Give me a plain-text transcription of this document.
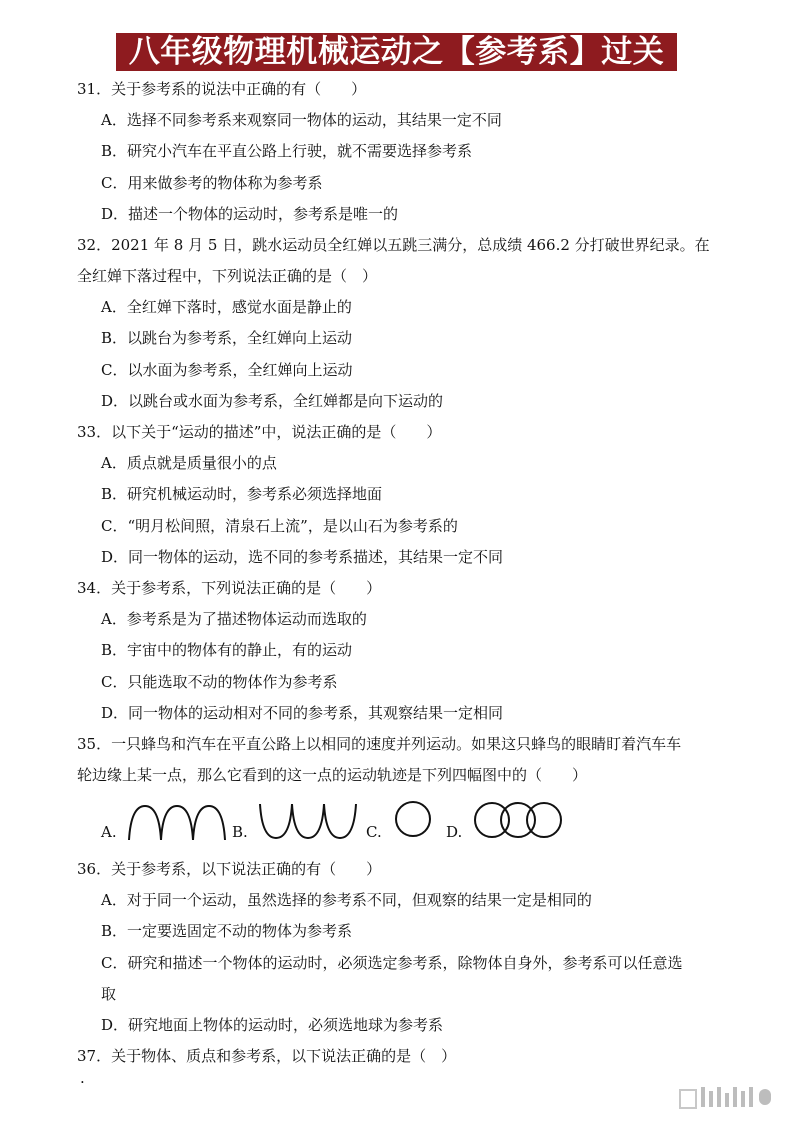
八年级物理机械运动之【参考系】过关专练
31．关于参考系的说法中正确的有（　　）
A．选择不同参考系来观察同一物体的运动，其结果一定不同
B．研究小汽车在平直公路上行驶，就不需要选择参考系
C．用来做参考的物体称为参考系
D．描述一个物体的运动时，参考系是唯一的
32．2021 年 8 月 5 日，跳水运动员全红婵以五跳三满分，总成绩 466.2 分打破世界纪录。在
全红婵下落过程中，下列说法正确的是（　）
A．全红婵下落时，感觉水面是静止的
B．以跳台为参考系，全红婵向上运动
C．以水面为参考系，全红婵向上运动
D．以跳台或水面为参考系，全红婵都是向下运动的
33．以下关于“运动的描述”中，说法正确的是（　　）
A．质点就是质量很小的点
B．研究机械运动时，参考系必须选择地面
C．“明月松间照，清泉石上流”，是以山石为参考系的
D．同一物体的运动，选不同的参考系描述，其结果一定不同
34．关于参考系，下列说法正确的是（　　）
A．参考系是为了描述物体运动而选取的
B．宇宙中的物体有的静止，有的运动
C．只能选取不动的物体作为参考系
D．同一物体的运动相对不同的参考系，其观察结果一定相同
35．一只蜂鸟和汽车在平直公路上以相同的速度并列运动。如果这只蜂鸟的眼睛盯着汽车车
轮边缘上某一点，那么它看到的这一点的运动轨迹是下列四幅图中的（　　）
A.	B.	C.	D.
36．关于参考系，以下说法正确的有（　　）
A．对于同一个运动，虽然选择的参考系不同，但观察的结果一定是相同的
B．一定要选固定不动的物体为参考系
C．研究和描述一个物体的运动时，必须选定参考系，除物体自身外，参考系可以任意选
取
D．研究地面上物体的运动时，必须选地球为参考系
37．关于物体、质点和参考系，以下说法正确的是（　）
.
